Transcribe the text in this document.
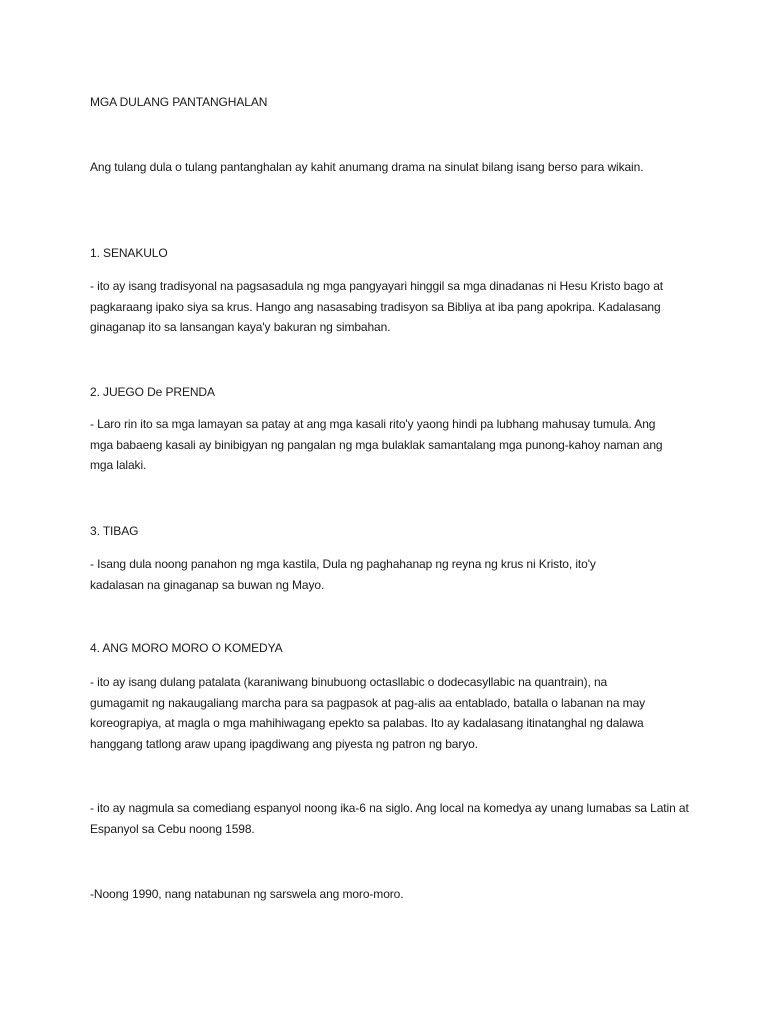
MGA DULANG PANTANGHALAN

Ang tulang dula o tulang pantanghalan ay kahit anumang drama na sinulat bilang isang berso para wikain.

1. SENAKULO

- ito ay isang tradisyonal na pagsasadula ng mga pangyayari hinggil sa mga dinadanas ni Hesu Kristo bago at pagkaraang ipako siya sa krus. Hango ang nasasabing tradisyon sa Bibliya at iba pang apokripa. Kadalasang ginaganap ito sa lansangan kaya'y bakuran ng simbahan.

2. JUEGO De PRENDA

- Laro rin ito sa mga lamayan sa patay at ang mga kasali rito'y yaong hindi pa lubhang mahusay tumula. Ang mga babaeng kasali ay binibigyan ng pangalan ng mga bulaklak samantalang mga punong-kahoy naman ang mga lalaki.

3. TIBAG

- Isang dula noong panahon ng mga kastila, Dula ng paghahanap ng reyna ng krus ni Kristo, ito'y kadalasan na ginaganap sa buwan ng Mayo.

4. ANG MORO MORO O KOMEDYA

- ito ay isang dulang patalata (karaniwang binubuong octasllabic o dodecasyllabic na quantrain), na gumagamit ng nakaugaliang marcha para sa pagpasok at pag-alis aa entablado, batalla o labanan na may koreograpiya, at magla o mga mahihiwagang epekto sa palabas. Ito ay kadalasang itinatanghal ng dalawa hanggang tatlong araw upang ipagdiwang ang piyesta ng patron ng baryo.

- ito ay nagmula sa comediang espanyol noong ika-6 na siglo. Ang local na komedya ay unang lumabas sa Latin at Espanyol sa Cebu noong 1598.

-Noong 1990, nang natabunan ng sarswela ang moro-moro.
